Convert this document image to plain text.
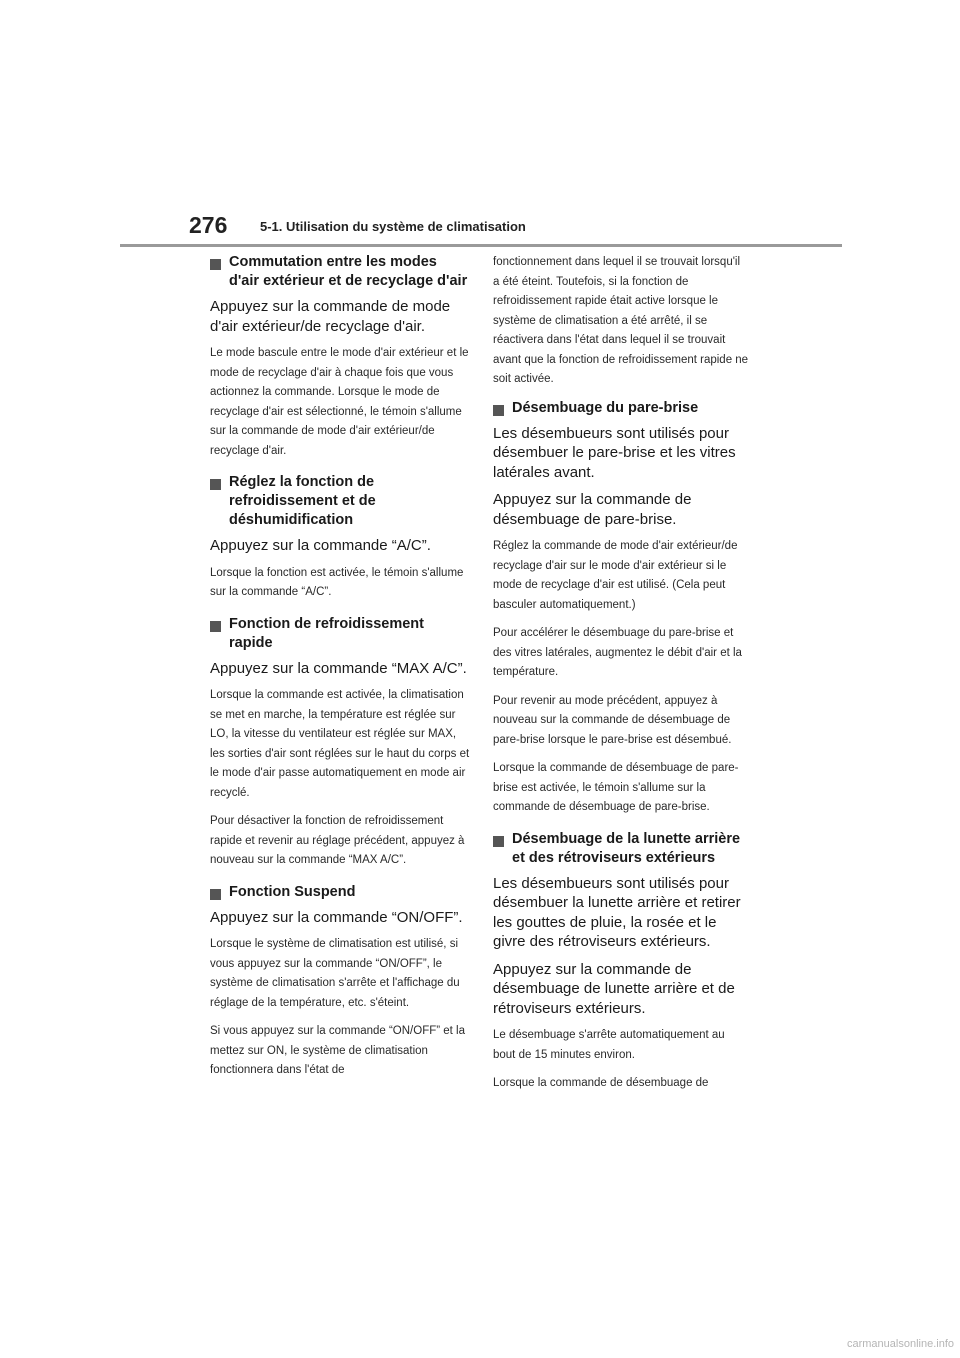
276	5-1. Utilisation du système de climatisation
Commutation entre les modes d'air extérieur et de recyclage d'air

Appuyez sur la commande de mode d'air extérieur/de recyclage d'air.

Le mode bascule entre le mode d'air extérieur et le mode de recyclage d'air à chaque fois que vous actionnez la commande. Lorsque le mode de recyclage d'air est sélectionné, le témoin s'allume sur la commande de mode d'air extérieur/de recyclage d'air.

Réglez la fonction de refroidissement et de déshumidification

Appuyez sur la commande “A/C”.

Lorsque la fonction est activée, le témoin s'allume sur la commande “A/C”.

Fonction de refroidissement rapide

Appuyez sur la commande “MAX A/C”.

Lorsque la commande est activée, la climatisation se met en marche, la température est réglée sur LO, la vitesse du ventilateur est réglée sur MAX, les sorties d'air sont réglées sur le haut du corps et le mode d'air passe automatiquement en mode air recyclé.

Pour désactiver la fonction de refroidissement rapide et revenir au réglage précédent, appuyez à nouveau sur la commande “MAX A/C”.

Fonction Suspend

Appuyez sur la commande “ON/OFF”.

Lorsque le système de climatisation est utilisé, si vous appuyez sur la commande “ON/OFF”, le système de climatisation s'arrête et l'affichage du réglage de la température, etc. s'éteint.

Si vous appuyez sur la commande “ON/OFF” et la mettez sur ON, le système de climatisation fonctionnera dans l'état de

fonctionnement dans lequel il se trouvait lorsqu'il a été éteint. Toutefois, si la fonction de refroidissement rapide était active lorsque le système de climatisation a été arrêté, il se réactivera dans l'état dans lequel il se trouvait avant que la fonction de refroidissement rapide ne soit activée.

Désembuage du pare-brise

Les désembueurs sont utilisés pour désembuer le pare-brise et les vitres latérales avant.

Appuyez sur la commande de désembuage de pare-brise.

Réglez la commande de mode d'air extérieur/de recyclage d'air sur le mode d'air extérieur si le mode de recyclage d'air est utilisé. (Cela peut basculer automatiquement.)

Pour accélérer le désembuage du pare-brise et des vitres latérales, augmentez le débit d'air et la température.

Pour revenir au mode précédent, appuyez à nouveau sur la commande de désembuage de pare-brise lorsque le pare-brise est désembué.

Lorsque la commande de désembuage de pare-brise est activée, le témoin s'allume sur la commande de désembuage de pare-brise.

Désembuage de la lunette arrière et des rétroviseurs extérieurs

Les désembueurs sont utilisés pour désembuer la lunette arrière et retirer les gouttes de pluie, la rosée et le givre des rétroviseurs extérieurs.

Appuyez sur la commande de désembuage de lunette arrière et de rétroviseurs extérieurs.

Le désembuage s'arrête automatiquement au bout de 15 minutes environ.

Lorsque la commande de désembuage de

carmanualsonline.info
